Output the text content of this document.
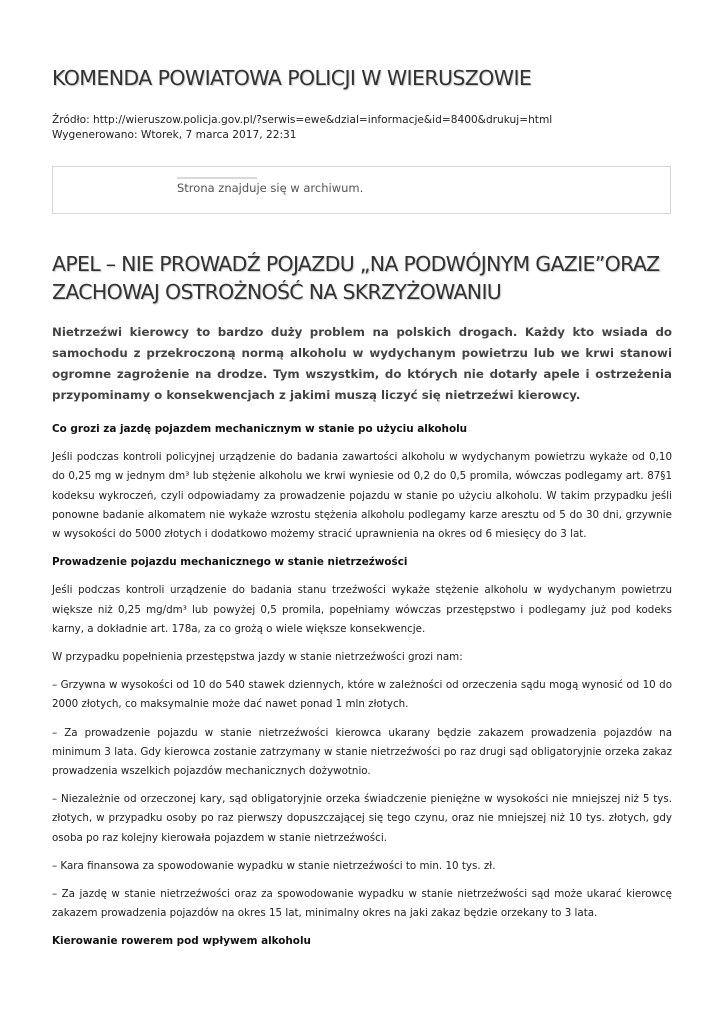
KOMENDA POWIATOWA POLICJI W WIERUSZOWIE
Źródło: http://wieruszow.policja.gov.pl/?serwis=ewe&dzial=informacje&id=8400&drukuj=html
Wygenerowano: Wtorek, 7 marca 2017, 22:31
Strona znajduje się w archiwum.
APEL – NIE PROWADŹ POJAZDU „NA PODWÓJNYM GAZIE”ORAZ
ZACHOWAJ OSTROŻNOŚĆ NA SKRZYŻOWANIU

Nietrzeźwi kierowcy to bardzo duży problem na polskich drogach. Każdy kto wsiada do samochodu z przekroczoną normą alkoholu w wydychanym powietrzu lub we krwi stanowi ogromne zagrożenie na drodze. Tym wszystkim, do których nie dotarły apele i ostrzeżenia przypominamy o konsekwencjach z jakimi muszą liczyć się nietrzeźwi kierowcy.

Co grozi za jazdę pojazdem mechanicznym w stanie po użyciu alkoholu

Jeśli podczas kontroli policyjnej urządzenie do badania zawartości alkoholu w wydychanym powietrzu wykaże od 0,10 do 0,25 mg w jednym dm³ lub stężenie alkoholu we krwi wyniesie od 0,2 do 0,5 promila, wówczas podlegamy art. 87§1 kodeksu wykroczeń, czyli odpowiadamy za prowadzenie pojazdu w stanie po użyciu alkoholu. W takim przypadku jeśli ponowne badanie alkomatem nie wykaże wzrostu stężenia alkoholu podlegamy karze aresztu od 5 do 30 dni, grzywnie w wysokości do 5000 złotych i dodatkowo możemy stracić uprawnienia na okres od 6 miesięcy do 3 lat.

Prowadzenie pojazdu mechanicznego w stanie nietrzeźwości

Jeśli podczas kontroli urządzenie do badania stanu trzeźwości wykaże stężenie alkoholu w wydychanym powietrzu większe niż 0,25 mg/dm³ lub powyżej 0,5 promila, popełniamy wówczas przestępstwo i podlegamy już pod kodeks karny, a dokładnie art. 178a, za co grożą o wiele większe konsekwencje.

W przypadku popełnienia przestępstwa jazdy w stanie nietrzeźwości grozi nam:

– Grzywna w wysokości od 10 do 540 stawek dziennych, które w zależności od orzeczenia sądu mogą wynosić od 10 do 2000 złotych, co maksymalnie może dać nawet ponad 1 mln złotych.

– Za prowadzenie pojazdu w stanie nietrzeźwości kierowca ukarany będzie zakazem prowadzenia pojazdów na minimum 3 lata. Gdy kierowca zostanie zatrzymany w stanie nietrzeźwości po raz drugi sąd obligatoryjnie orzeka zakaz prowadzenia wszelkich pojazdów mechanicznych dożywotnio.

– Niezależnie od orzeczonej kary, sąd obligatoryjnie orzeka świadczenie pieniężne w wysokości nie mniejszej niż 5 tys. złotych, w przypadku osoby po raz pierwszy dopuszczającej się tego czynu, oraz nie mniejszej niż 10 tys. złotych, gdy osoba po raz kolejny kierowała pojazdem w stanie nietrzeźwości.

– Kara finansowa za spowodowanie wypadku w stanie nietrzeźwości to min. 10 tys. zł.

– Za jazdę w stanie nietrzeźwości oraz za spowodowanie wypadku w stanie nietrzeźwości sąd może ukarać kierowcę zakazem prowadzenia pojazdów na okres 15 lat, minimalny okres na jaki zakaz będzie orzekany to 3 lata.

Kierowanie rowerem pod wpływem alkoholu
